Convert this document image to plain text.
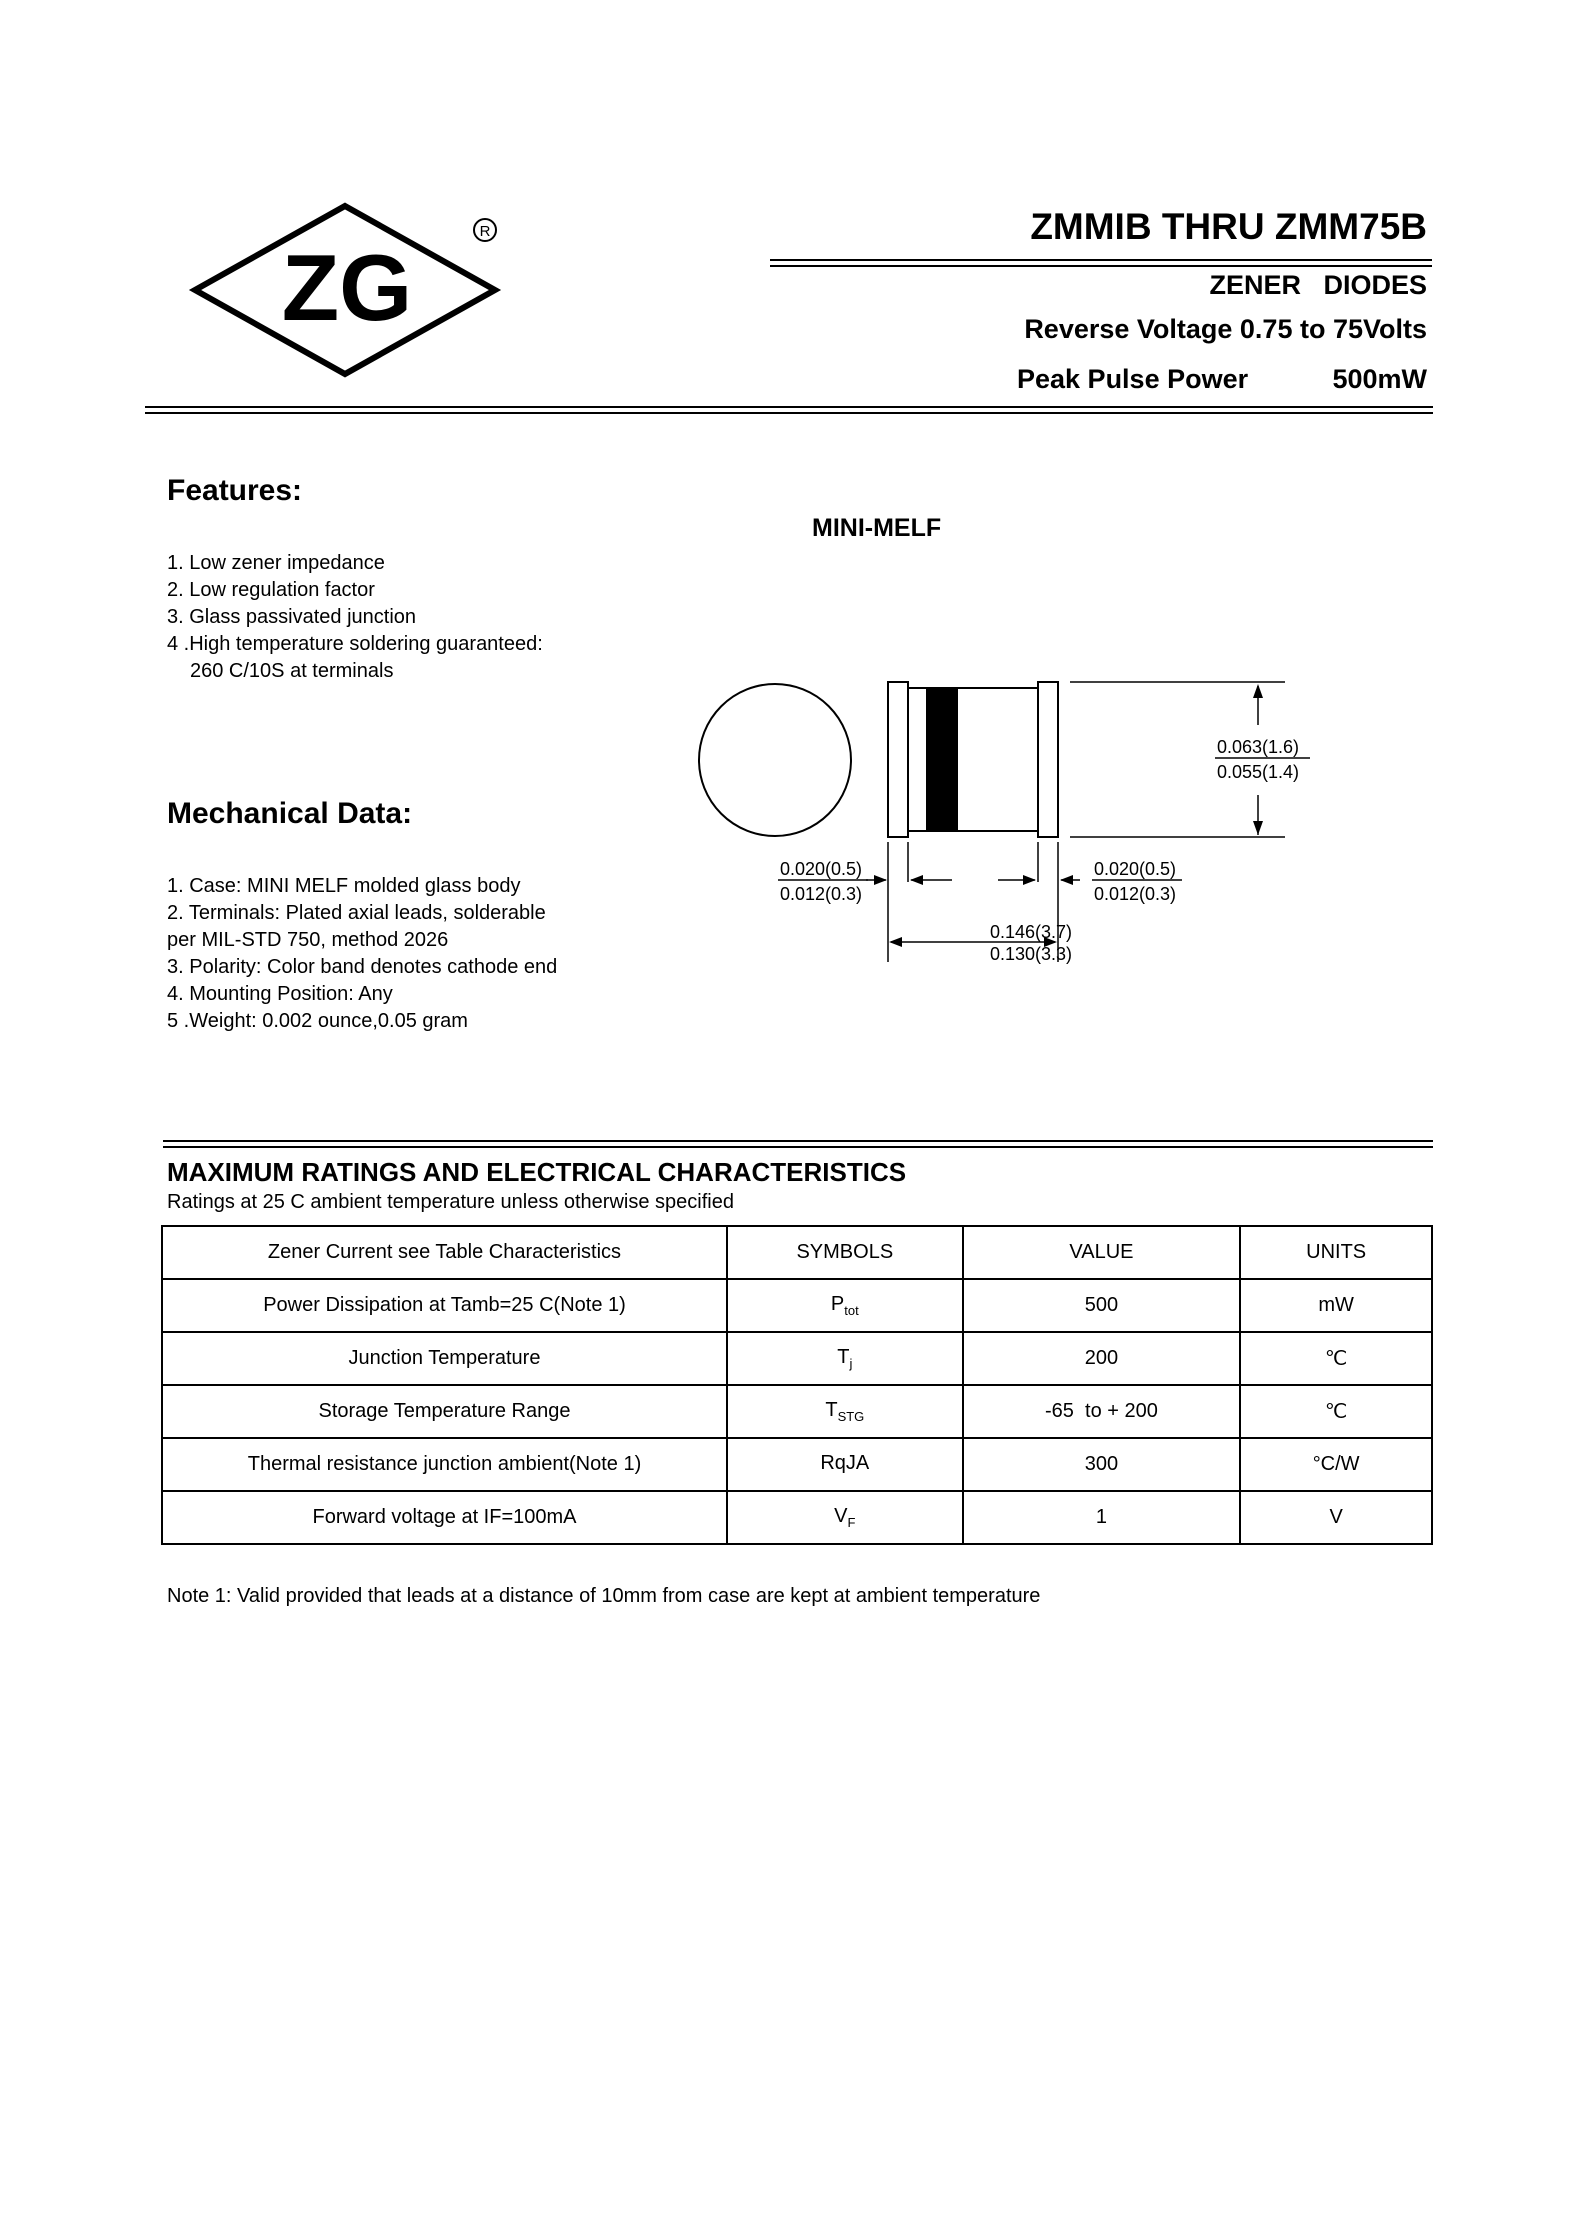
ZG
R	ZMMIB THRU ZMM75B
ZENER   DIODES
Reverse Voltage 0.75 to 75Volts
Peak Pulse Power	500mW
Features:

1. Low zener impedance

2. Low regulation factor

3. Glass passivated junction

4 .High temperature soldering guaranteed:

260 C/10S at terminals

Mechanical Data:

1. Case: MINI MELF molded glass body

2. Terminals: Plated axial leads, solderable per MIL-STD 750, method 2026

3. Polarity: Color band denotes cathode end

4. Mounting Position: Any

5 .Weight: 0.002 ounce,0.05 gram

MINI-MELF
0.063(1.6)
0.055(1.4)
0.020(0.5)
0.012(0.3)
0.020(0.5)
0.012(0.3)
0.146(3.7)
0.130(3.3)
MAXIMUM RATINGS AND ELECTRICAL CHARACTERISTICS
Ratings at 25 C ambient temperature unless otherwise specified
Zener Current see Table Characteristics	SYMBOLS	VALUE	UNITS
Power Dissipation at Tamb=25 C(Note 1)	$P_{tot}$	500	mW
Junction Temperature	$T_j$	200	℃
Storage Temperature Range	$T_{STG}$	-65  to + 200	℃
Thermal resistance junction ambient(Note 1)	RqJA	300	°C/W
Forward voltage at IF=100mA	$V_F$	1	V
Note 1: Valid provided that leads at a distance of 10mm from case are kept at ambient temperature
